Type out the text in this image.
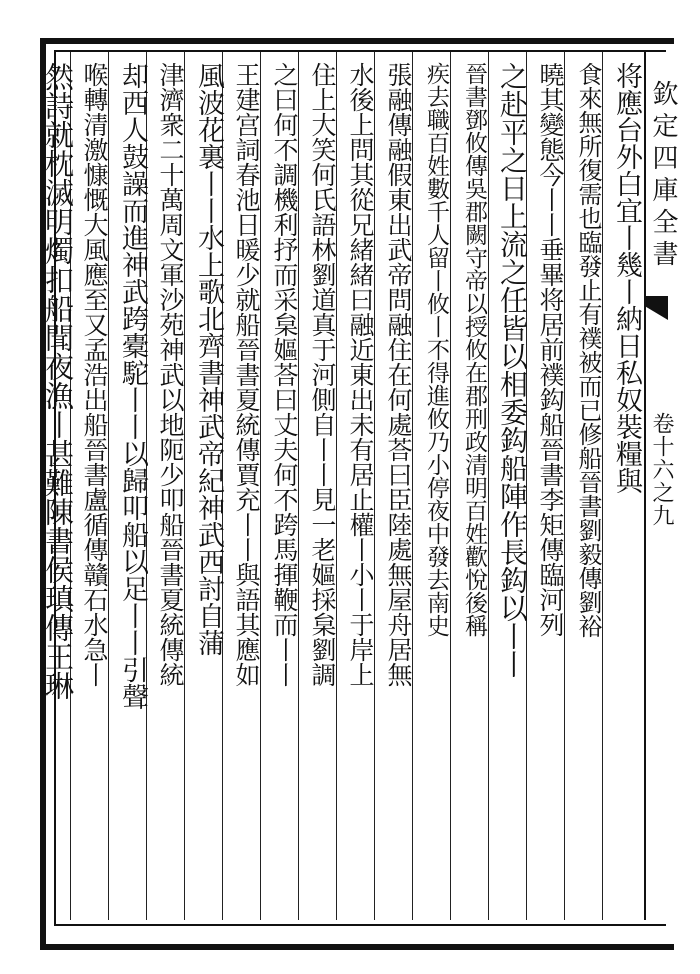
欽定四庫全書
卷十六之九
将應台外白宜丨幾丨納日私奴裝糧與
食來無所復需也臨發止有襆被而已修船晉書劉毅傳劉裕
曉其變態今丨丨垂畢将居前襆鈎船晉書李矩傳臨河列
之赴平之日上流之任皆以相委鈎船陣作長鈎以丨丨
晉書鄧攸傳吳郡闕守帝以授攸在郡刑政清明百姓歡悅後稱
疾去職百姓數千人留丨攸丨不得進攸乃小停夜中發去南史
張融傳融假東出武帝問融住在何處荅曰臣陸處無屋舟居無
水後上問其從兄緒緒曰融近東出未有居止權丨小丨于岸上
住上大笑何氏語林劉道真于河側自丨丨見一老嫗採枲劉調
之曰何不調機利抒而采枲嫗荅曰丈夫何不跨馬揮鞭而丨丨
王建宫詞春池日暖少就船晉書夏統傳賈充丨丨與語其應如
風波花裏丨丨水上歌北齊書神武帝紀神武西討自蒲
津濟衆二十萬周文軍沙苑神武以地阨少叩船晉書夏統傳統
却西人鼓譟而進神武跨橐駝丨丨以歸叩船以足丨丨引聲
喉轉清激慷慨大風應至又孟浩出船晉書盧循傳贛石水急丨
然詩就枕滅明燭扣船聞夜漁丨甚難陳書侯瑱傳王琳
